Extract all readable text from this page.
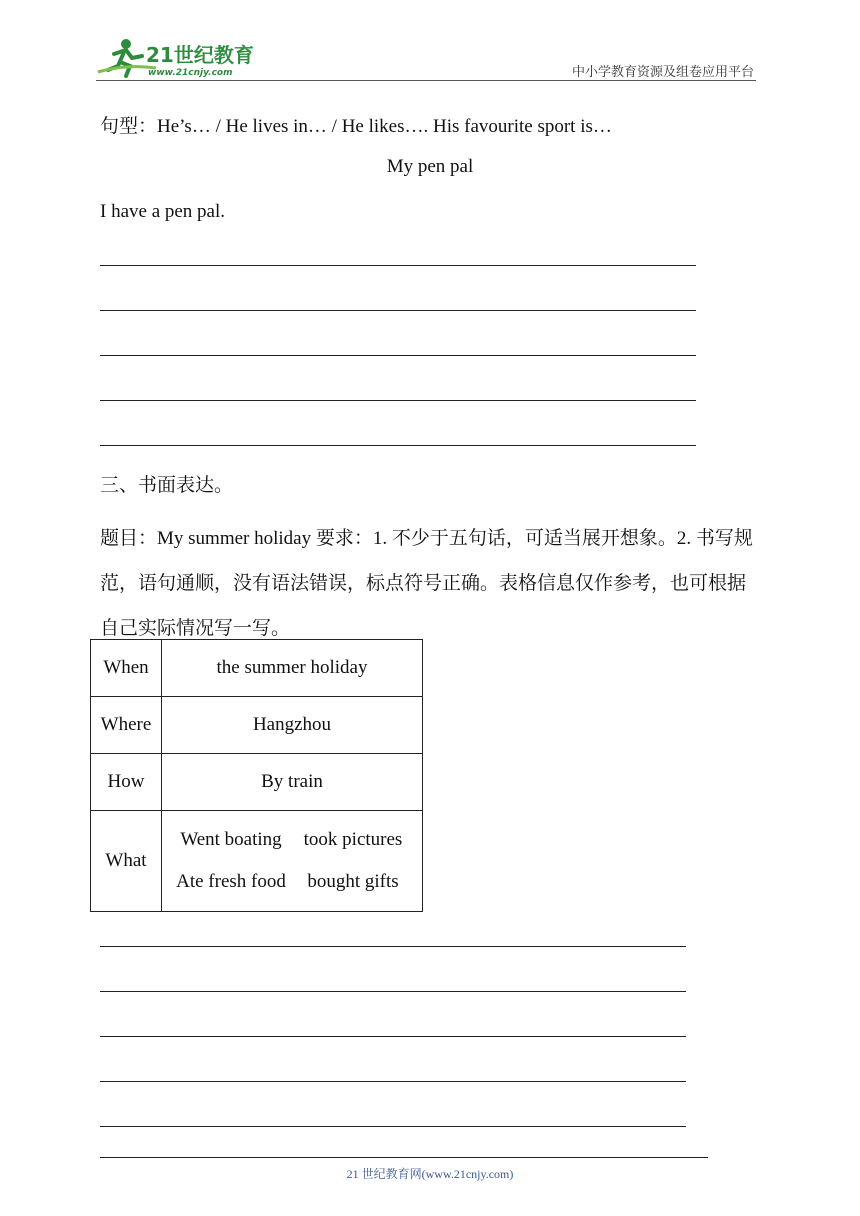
21世纪教育
www.21cnjy.com	中小学教育资源及组卷应用平台
句型：He’s… / He lives in… / He likes…. His favourite sport is…
My pen pal
I have a pen pal.
三、书面表达。
题目：My summer holiday 要求：1. 不少于五句话，可适当展开想象。2. 书写规范，语句通顺，没有语法错误，标点符号正确。表格信息仅作参考，也可根据自己实际情况写一写。
When	the summer holiday
Where	Hangzhou
How	By train
What	Went boating took pictures
Ate fresh food bought gifts
21 世纪教育网(www.21cnjy.com)
